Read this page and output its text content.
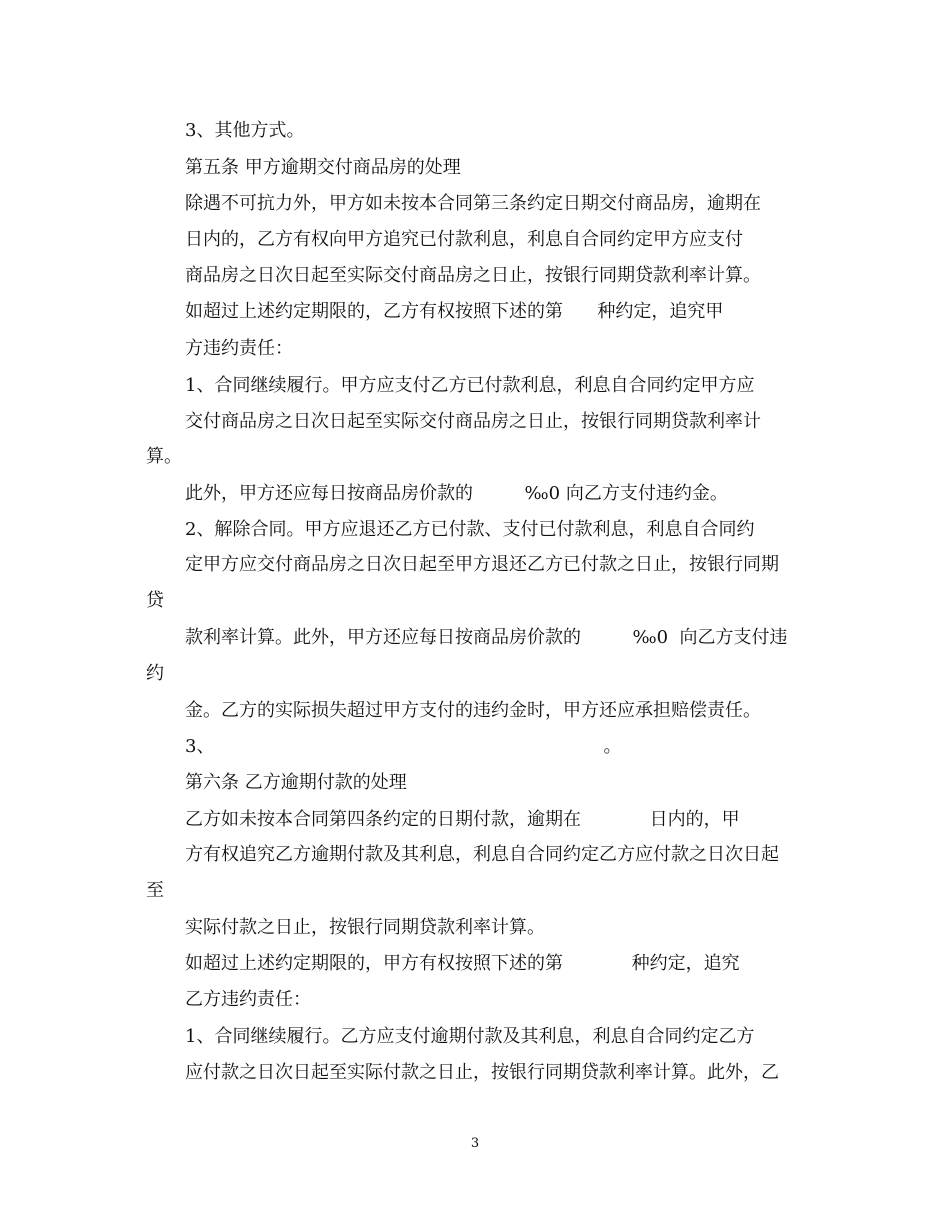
3、其他方式。
第五条 甲方逾期交付商品房的处理
除遇不可抗力外，甲方如未按本合同第三条约定日期交付商品房，逾期在
日内的，乙方有权向甲方追究已付款利息，利息自合同约定甲方应支付
商品房之日次日起至实际交付商品房之日止，按银行同期贷款利率计算。
如超过上述约定期限的，乙方有权按照下述的第      种约定，追究甲
方违约责任：
1、合同继续履行。甲方应支付乙方已付款利息，利息自合同约定甲方应
交付商品房之日次日起至实际交付商品房之日止，按银行同期贷款利率计
算。
此外，甲方还应每日按商品房价款的         ‰0 向乙方支付违约金。
2、解除合同。甲方应退还乙方已付款、支付已付款利息，利息自合同约
定甲方应交付商品房之日次日起至甲方退还乙方已付款之日止，按银行同期
贷
款利率计算。此外，甲方还应每日按商品房价款的         ‰0  向乙方支付违
约
金。乙方的实际损失超过甲方支付的违约金时，甲方还应承担赔偿责任。
3、                                                                    。
第六条 乙方逾期付款的处理
乙方如未按本合同第四条约定的日期付款，逾期在            日内的，甲
方有权追究乙方逾期付款及其利息，利息自合同约定乙方应付款之日次日起
至
实际付款之日止，按银行同期贷款利率计算。
如超过上述约定期限的，甲方有权按照下述的第            种约定，追究
乙方违约责任：
1、合同继续履行。乙方应支付逾期付款及其利息，利息自合同约定乙方
应付款之日次日起至实际付款之日止，按银行同期贷款利率计算。此外，乙
3
